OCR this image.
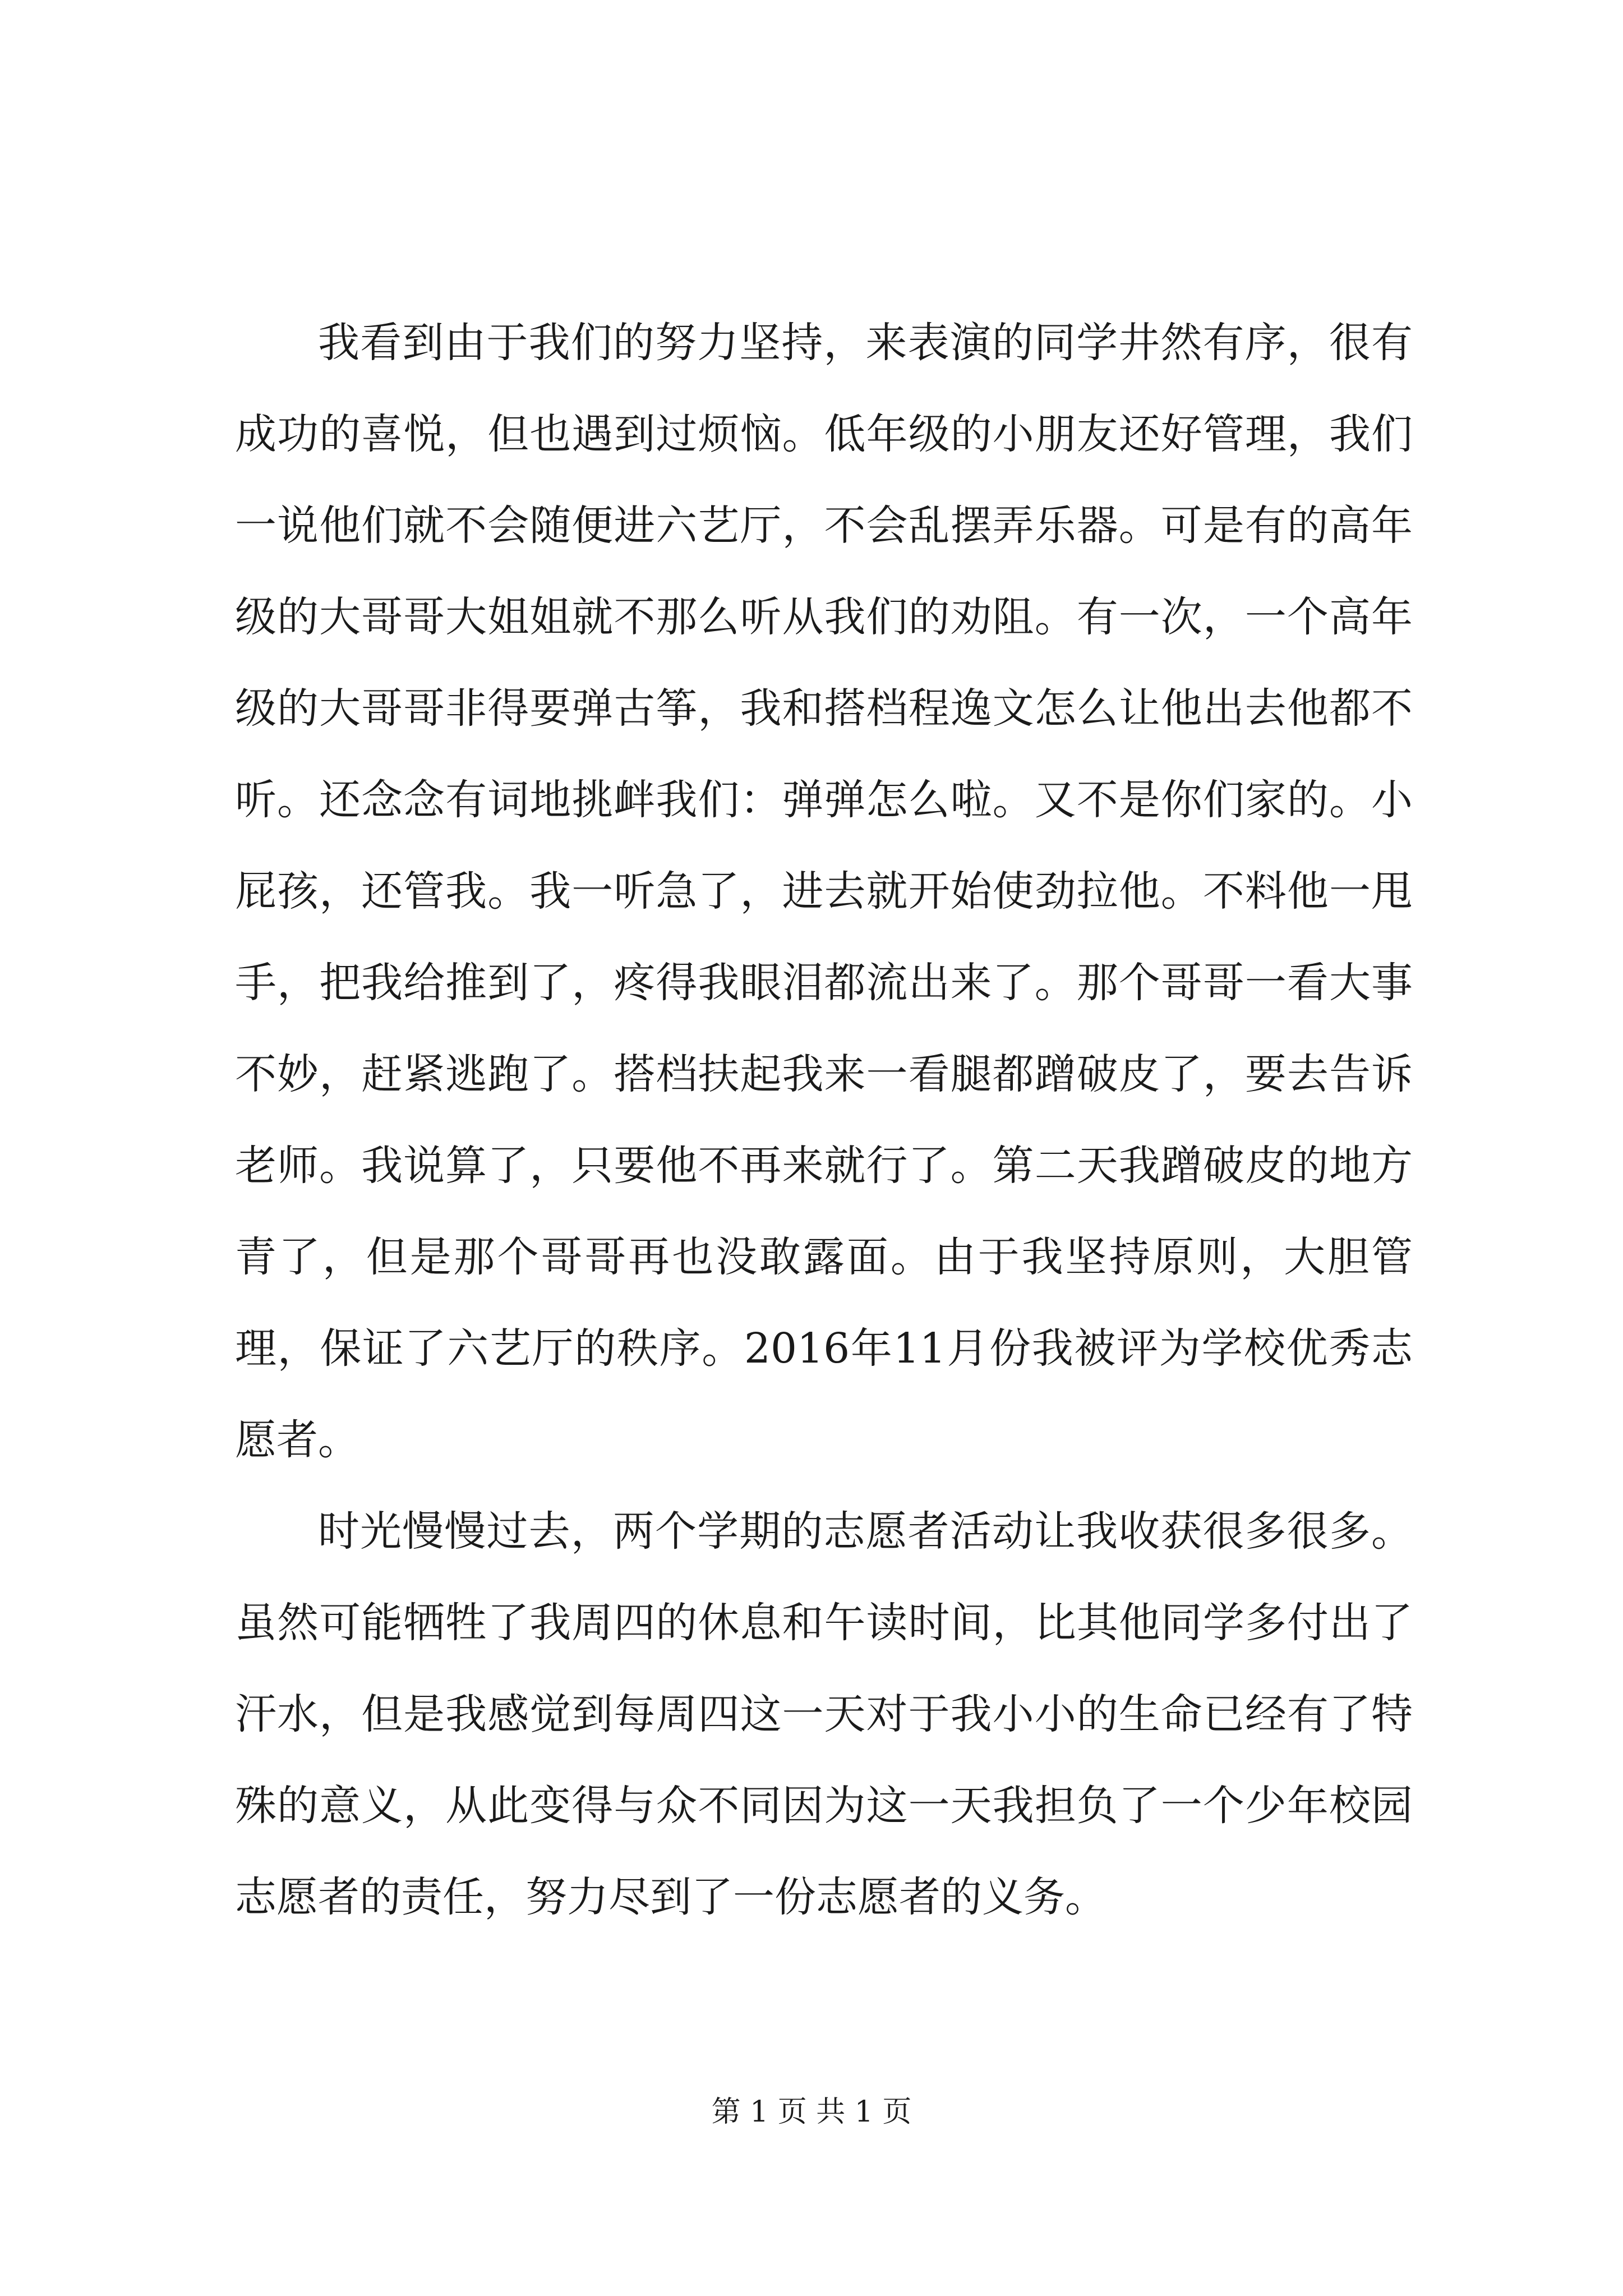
我看到由于我们的努力坚持，来表演的同学井然有序，很有成功的喜悦，但也遇到过烦恼。低年级的小朋友还好管理，我们一说他们就不会随便进六艺厅，不会乱摆弄乐器。可是有的高年级的大哥哥大姐姐就不那么听从我们的劝阻。有一次，一个高年级的大哥哥非得要弹古筝，我和搭档程逸文怎么让他出去他都不听。还念念有词地挑衅我们：弹弹怎么啦。又不是你们家的。小屁孩，还管我。我一听急了，进去就开始使劲拉他。不料他一甩手，把我给推到了，疼得我眼泪都流出来了。那个哥哥一看大事不妙，赶紧逃跑了。搭档扶起我来一看腿都蹭破皮了，要去告诉老师。我说算了，只要他不再来就行了。第二天我蹭破皮的地方青了，但是那个哥哥再也没敢露面。由于我坚持原则，大胆管理，保证了六艺厅的秩序。2016年11月份我被评为学校优秀志愿者。

时光慢慢过去，两个学期的志愿者活动让我收获很多很多。虽然可能牺牲了我周四的休息和午读时间，比其他同学多付出了汗水，但是我感觉到每周四这一天对于我小小的生命已经有了特殊的意义，从此变得与众不同因为这一天我担负了一个少年校园志愿者的责任，努力尽到了一份志愿者的义务。

第 1 页 共 1 页
